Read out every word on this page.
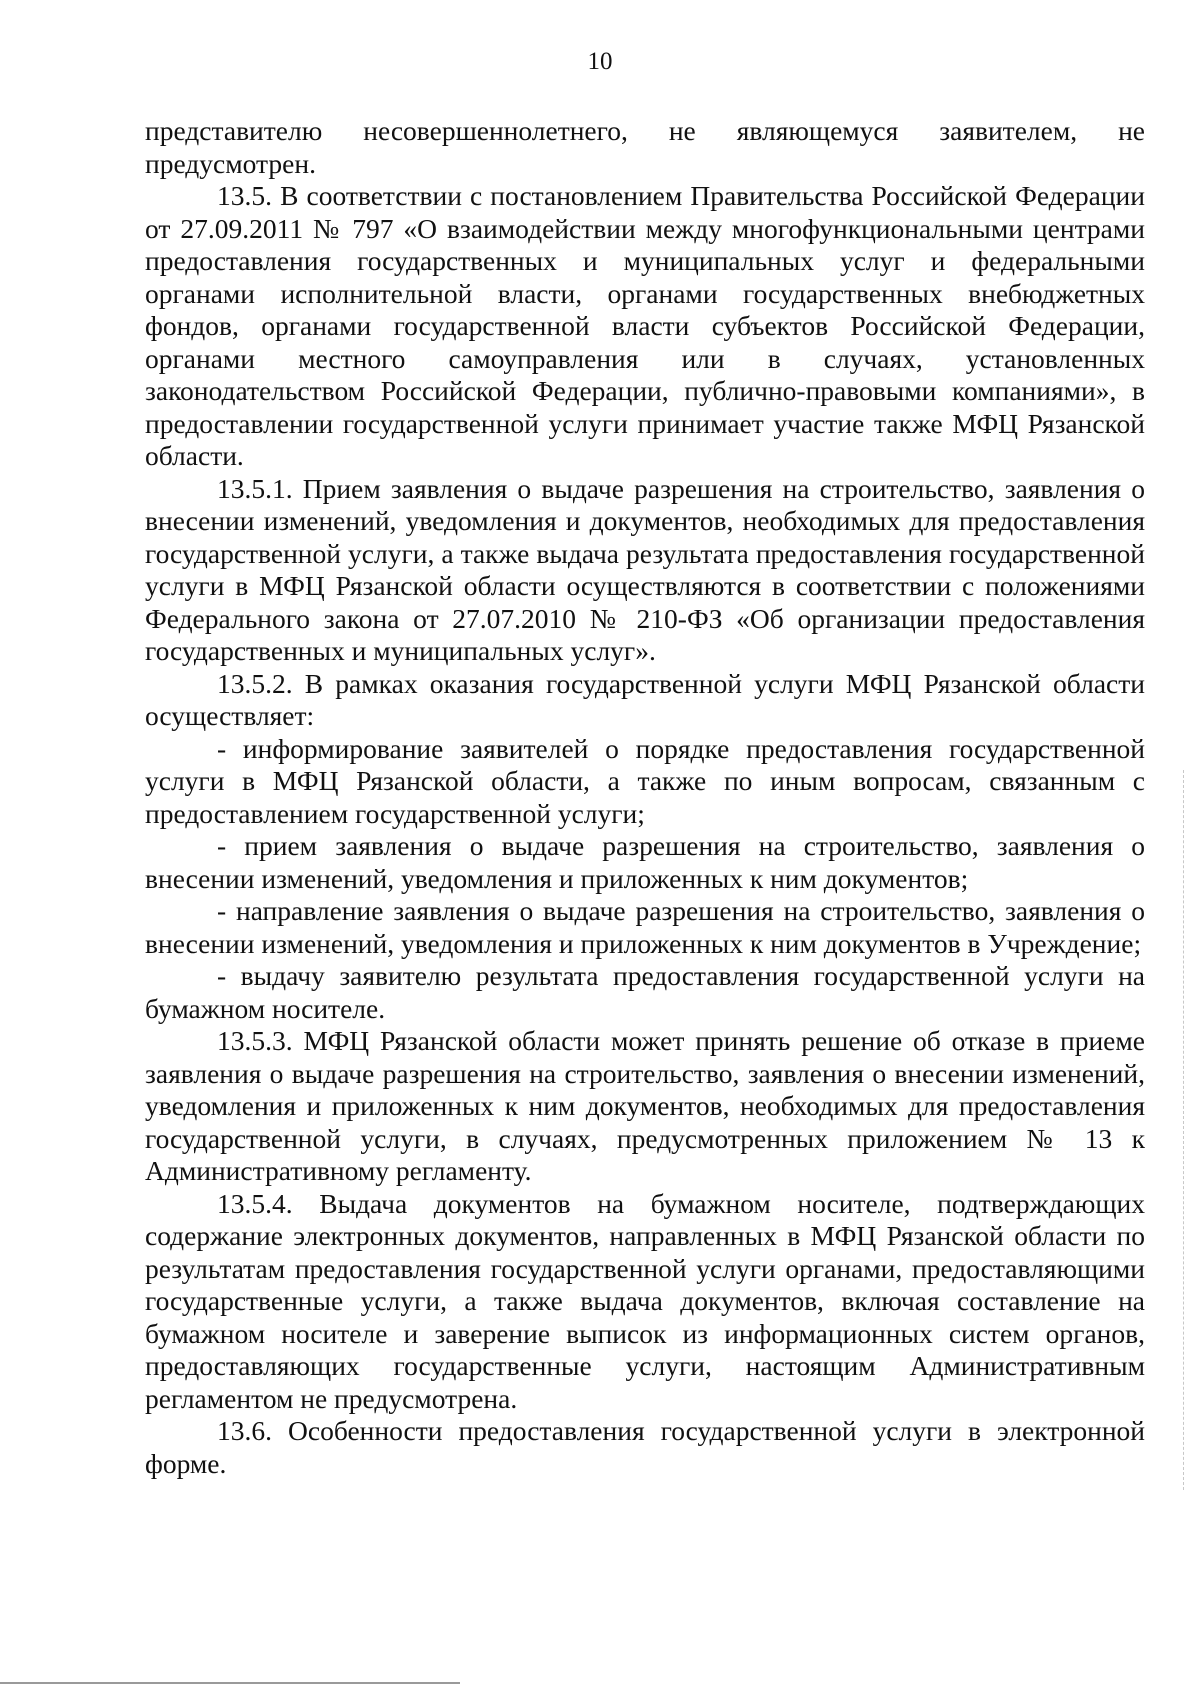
10

представителю несовершеннолетнего, не являющемуся заявителем, не предусмотрен.

13.5. В соответствии с постановлением Правительства Российской Федерации от 27.09.2011 № 797 «О взаимодействии между многофункциональными центрами предоставления государственных и муниципальных услуг и федеральными органами исполнительной власти, органами государственных внебюджетных фондов, органами государственной власти субъектов Российской Федерации, органами местного самоуправления или в случаях, установленных законодательством Российской Федерации, публично-правовыми компаниями», в предоставлении государственной услуги принимает участие также МФЦ Рязанской области.

13.5.1. Прием заявления о выдаче разрешения на строительство, заявления о внесении изменений, уведомления и документов, необходимых для предоставления государственной услуги, а также выдача результата предоставления государственной услуги в МФЦ Рязанской области осуществляются в соответствии с положениями Федерального закона от 27.07.2010 № 210-ФЗ «Об организации предоставления государственных и муниципальных услуг».

13.5.2. В рамках оказания государственной услуги МФЦ Рязанской области осуществляет:

- информирование заявителей о порядке предоставления государственной услуги в МФЦ Рязанской области, а также по иным вопросам, связанным с предоставлением государственной услуги;

- прием заявления о выдаче разрешения на строительство, заявления о внесении изменений, уведомления и приложенных к ним документов;

- направление заявления о выдаче разрешения на строительство, заявления о внесении изменений, уведомления и приложенных к ним документов в Учреждение;

- выдачу заявителю результата предоставления государственной услуги на бумажном носителе.

13.5.3. МФЦ Рязанской области может принять решение об отказе в приеме заявления о выдаче разрешения на строительство, заявления о внесении изменений, уведомления и приложенных к ним документов, необходимых для предоставления государственной услуги, в случаях, предусмотренных приложением № 13 к Административному регламенту.

13.5.4. Выдача документов на бумажном носителе, подтверждающих содержание электронных документов, направленных в МФЦ Рязанской области по результатам предоставления государственной услуги органами, предоставляющими государственные услуги, а также выдача документов, включая составление на бумажном носителе и заверение выписок из информационных систем органов, предоставляющих государственные услуги, настоящим Административным регламентом не предусмотрена.

13.6. Особенности предоставления государственной услуги в электронной форме.
